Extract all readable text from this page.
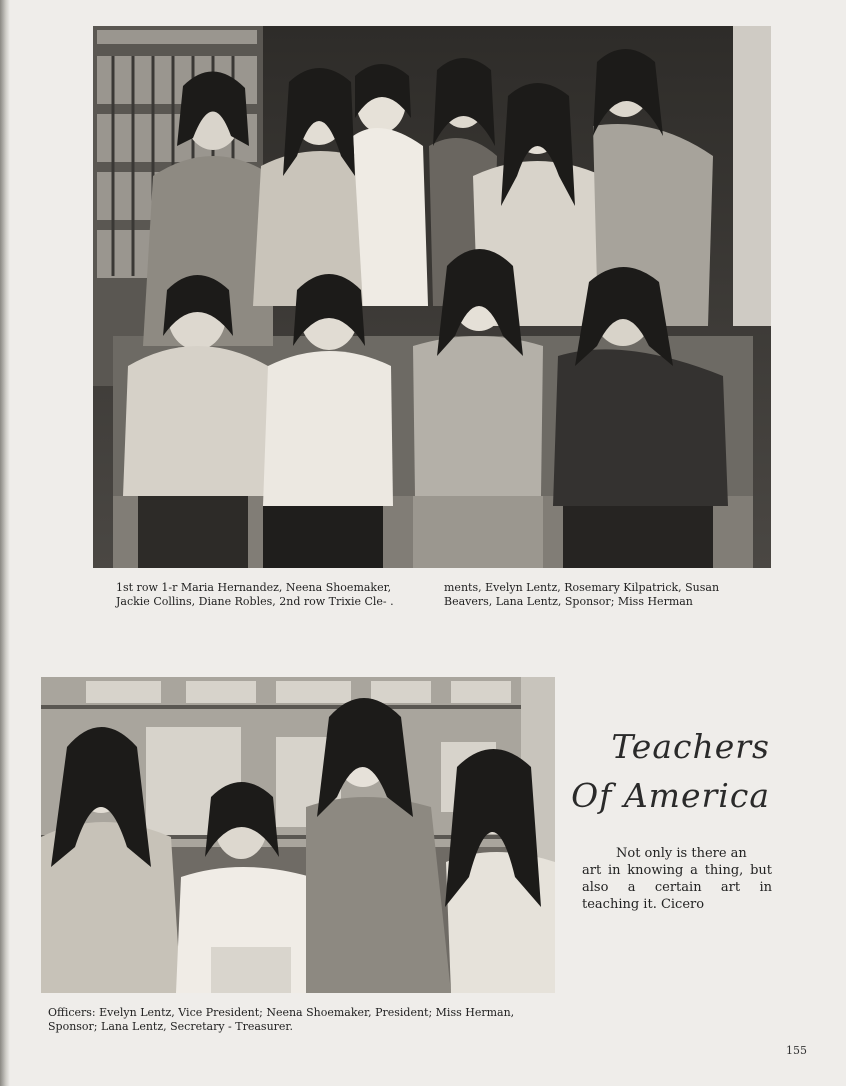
1st row 1-r Maria Hernandez, Neena Shoemaker,
Jackie Collins, Diane Robles, 2nd row Trixie Cle- .
ments, Evelyn Lentz, Rosemary Kilpatrick, Susan
Beavers, Lana Lentz, Sponsor; Miss Herman
Officers: Evelyn Lentz, Vice President; Neena Shoemaker, President; Miss Herman,
Sponsor; Lana Lentz, Secretary - Treasurer.
Teachers
Of America
Not only is there an
art in knowing a thing, but
also a certain art in
teaching it. Cicero
155
